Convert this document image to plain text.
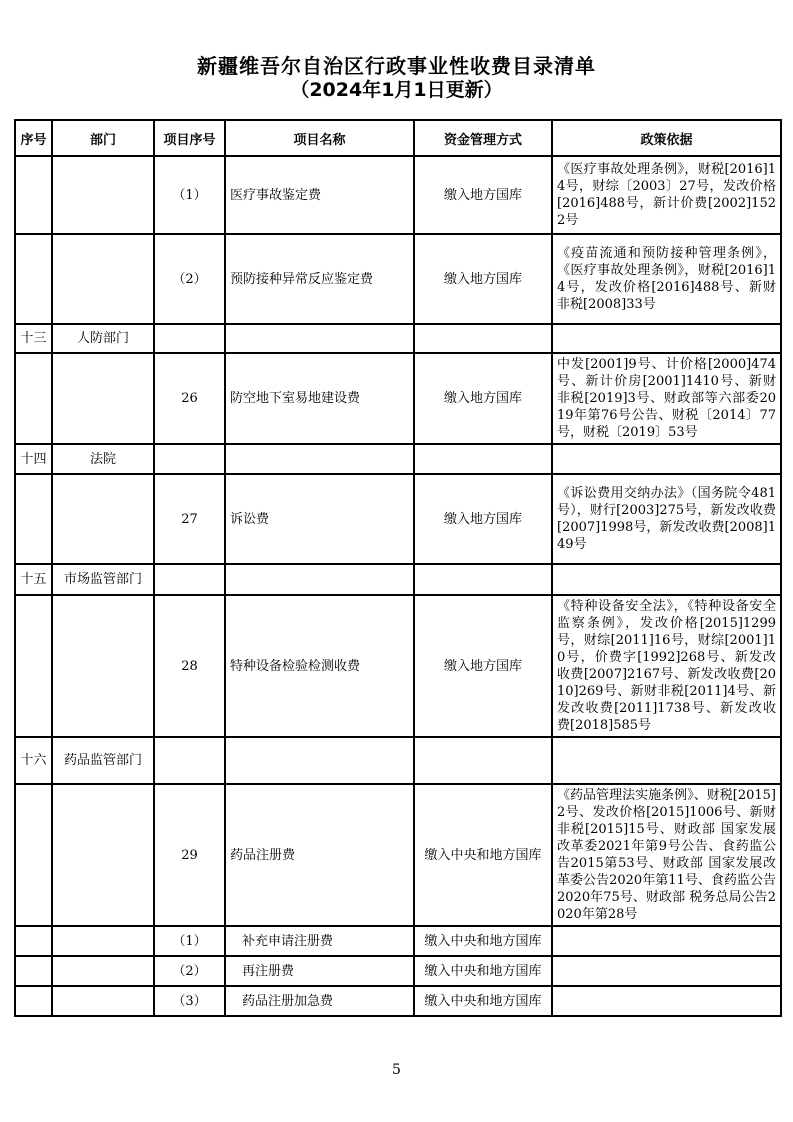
新疆维吾尔自治区行政事业性收费目录清单
（2024年1月1日更新）
序号	部门	项目序号	项目名称	资金管理方式	政策依据
		（1）	医疗事故鉴定费	缴入地方国库	《医疗事故处理条例》，财税[2016]14号，财综〔2003〕27号，发改价格[2016]488号，新计价费[2002]1522号
		（2）	预防接种异常反应鉴定费	缴入地方国库	《疫苗流通和预防接种管理条例》，《医疗事故处理条例》，财税[2016]14号，发改价格[2016]488号、新财非税[2008]33号
十三	人防部门				
		26	防空地下室易地建设费	缴入地方国库	中发[2001]9号、计价格[2000]474号、新计价房[2001]1410号、新财非税[2019]3号、财政部等六部委2019年第76号公告、财税〔2014〕77号，财税〔2019〕53号
十四	法院				
		27	诉讼费	缴入地方国库	《诉讼费用交纳办法》（国务院令481号），财行[2003]275号，新发改收费[2007]1998号，新发改收费[2008]149号
十五	市场监管部门				
		28	特种设备检验检测收费	缴入地方国库	《特种设备安全法》，《特种设备安全监察条例》，发改价格[2015]1299号，财综[2011]16号，财综[2001]10号，价费字[1992]268号、新发改收费[2007]2167号、新发改收费[2010]269号、新财非税[2011]4号、新发改收费[2011]1738号、新发改收费[2018]585号
十六	药品监管部门				
		29	药品注册费	缴入中央和地方国库	《药品管理法实施条例》、财税[2015]2号、发改价格[2015]1006号、新财非税[2015]15号、财政部 国家发展改革委2021年第9号公告、食药监公告2015第53号、财政部 国家发展改革委公告2020年第11号、食药监公告2020年75号、财政部 税务总局公告2020年第28号
		（1）	补充申请注册费	缴入中央和地方国库	
		（2）	再注册费	缴入中央和地方国库	
		（3）	药品注册加急费	缴入中央和地方国库	
5
